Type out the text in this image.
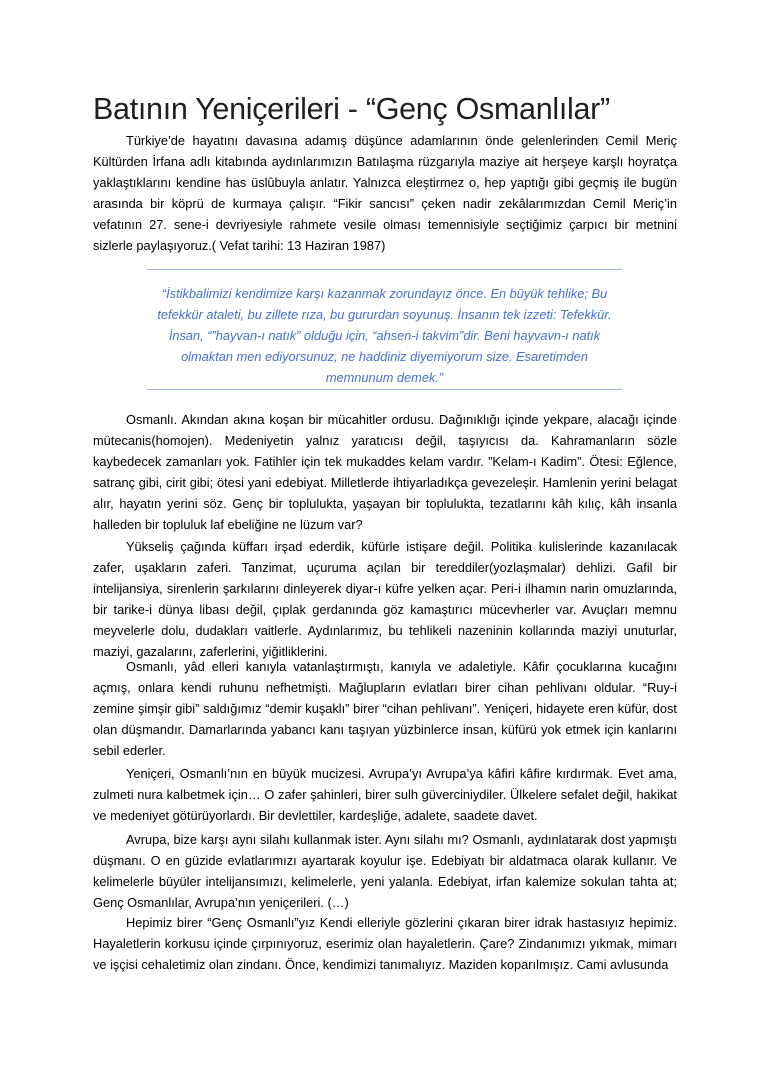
Batının Yeniçerileri - “Genç Osmanlılar”

Türkiye’de hayatını davasına adamış düşünce adamlarının önde gelenlerinden Cemil Meriç Kültürden İrfana adlı kitabında aydınlarımızın Batılaşma rüzgarıyla maziye ait herşeye karşlı hoyratça yaklaştıklarını kendine has üslûbuyla anlatır. Yalnızca eleştirmez o, hep yaptığı gibi geçmiş ile bugün arasında bir köprü de kurmaya çalışır. “Fikir sancısı” çeken nadir zekâlarımızdan Cemil Meriç’in vefatının 27. sene-i devriyesiyle rahmete vesile olması temennisiyle seçtiğimiz çarpıcı bir metnini sizlerle paylaşıyoruz.( Vefat tarihi: 13 Haziran 1987)

“İstikbalimizi kendimize karşı kazanmak zorundayız önce. En büyük tehlike; Bu tefekkür ataleti, bu zillete rıza, bu gururdan soyunuş. İnsanın tek izzeti: Tefekkür. İnsan, “”hayvan-ı natık” olduğu için, “ahsen-i takvim”dir. Beni hayvavn-ı natık olmaktan men ediyorsunuz, ne haddiniz diyemiyorum size. Esaretimden memnunum demek.”

Osmanlı. Akından akına koşan bir mücahitler ordusu. Dağınıklığı içinde yekpare, alacağı içinde mütecanis(homojen). Medeniyetin yalnız yaratıcısı değil, taşıyıcısı da. Kahramanların sözle kaybedecek zamanları yok. Fatihler için tek mukaddes kelam vardır. ”Kelam-ı Kadim”. Ötesi: Eğlence, satranç gibi, cirit gibi; ötesi yani edebiyat. Milletlerde ihtiyarladıkça gevezeleşir. Hamlenin yerini belagat alır, hayatın yerini söz. Genç bir toplulukta, yaşayan bir toplulukta, tezatlarını kâh kılıç, kâh insanla halleden bir topluluk laf ebeliğine ne lüzum var?

Yükseliş çağında küffarı irşad ederdik, küfürle istişare değil. Politika kulislerinde kazanılacak zafer, uşakların zaferi. Tanzimat, uçuruma açılan bir tereddiler(yozlaşmalar) dehlizi. Gafil bir intelijansiya, sirenlerin şarkılarını dinleyerek diyar-ı küfre yelken açar. Peri-i ilhamın narin omuzlarında, bir tarike-i dünya libası değil, çıplak gerdanında göz kamaştırıcı mücevherler var. Avuçları memnu meyvelerle dolu, dudakları vaitlerle. Aydınlarımız, bu tehlikeli nazeninin kollarında maziyi unuturlar, maziyi, gazalarını, zaferlerini, yiğitliklerini.

Osmanlı, yâd elleri kanıyla vatanlaştırmıştı, kanıyla ve adaletiyle. Kâfir çocuklarına kucağını açmış, onlara kendi ruhunu nefhetmişti. Mağlupların evlatları birer cihan pehlivanı oldular. “Ruy-i zemine şimşir gibi” saldığımız “demir kuşaklı” birer “cihan pehlivanı”. Yeniçeri, hidayete eren küfür, dost olan düşmandır. Damarlarında yabancı kanı taşıyan yüzbinlerce insan, küfürü yok etmek için kanlarını sebil ederler.

Yeniçeri, Osmanlı’nın en büyük mucizesi. Avrupa’yı Avrupa’ya kâfiri kâfire kırdırmak. Evet ama, zulmeti nura kalbetmek için… O zafer şahinleri, birer sulh güverciniydiler. Ülkelere sefalet değil, hakikat ve medeniyet götürüyorlardı. Bir devlettiler, kardeşliğe, adalete, saadete davet.

Avrupa, bize karşı aynı silahı kullanmak ister. Aynı silahı mı? Osmanlı, aydınlatarak dost yapmıştı düşmanı. O en güzide evlatlarımızı ayartarak koyulur işe. Edebiyatı bir aldatmaca olarak kullanır. Ve kelimelerle büyüler intelijansımızı, kelimelerle, yeni yalanla. Edebiyat, irfan kalemize sokulan tahta at; Genç Osmanlılar, Avrupa’nın yeniçerileri. (…)

Hepimiz birer “Genç Osmanlı”yız Kendi elleriyle gözlerini çıkaran birer idrak hastasıyız hepimiz. Hayaletlerin korkusu içinde çırpınıyoruz, eserimiz olan hayaletlerin. Çare? Zindanımızı yıkmak, mimarı ve işçisi cehaletimiz olan zindanı. Önce, kendimizi tanımalıyız. Maziden koparılmışız. Cami avlusunda
